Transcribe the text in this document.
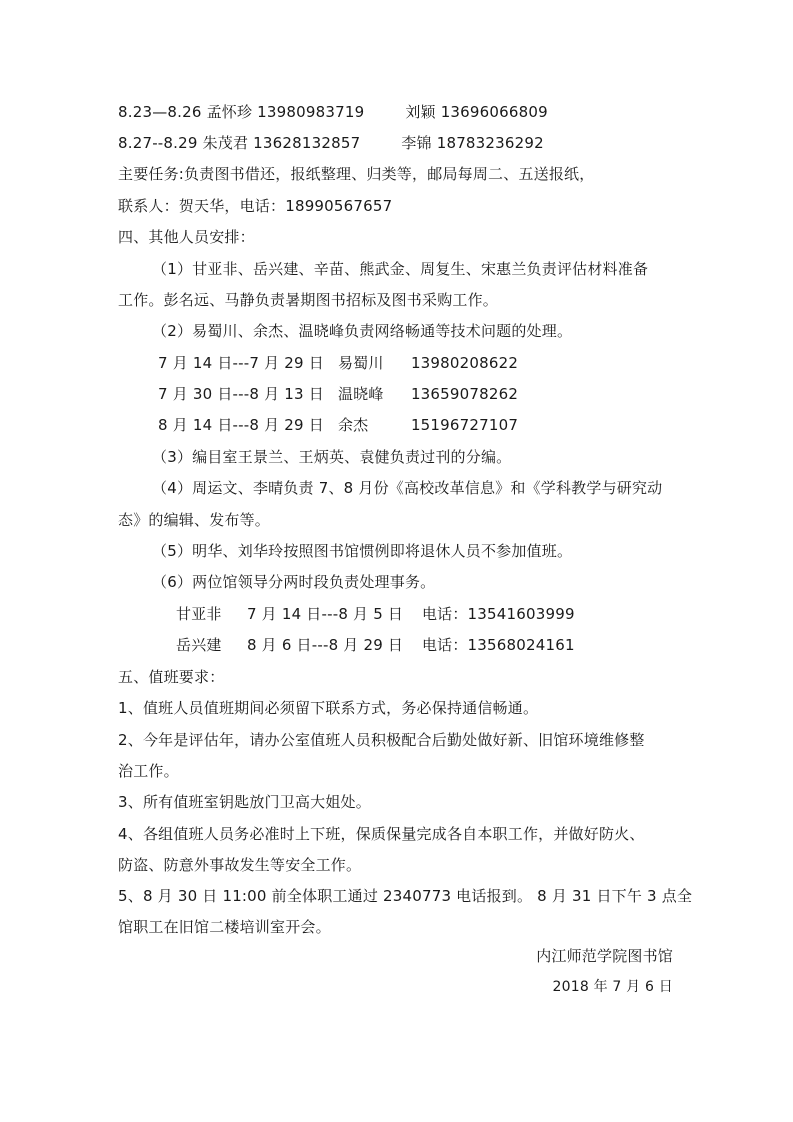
8.23—8.26 孟怀珍 13980983719	刘颖 13696066809
8.27--8.29 朱茂君 13628132857	李锦 18783236292
主要任务:负责图书借还，报纸整理、归类等，邮局每周二、五送报纸，
联系人：贺天华，电话：18990567657
四、其他人员安排：
（1）甘亚非、岳兴建、辛苗、熊武金、周复生、宋惠兰负责评估材料准备
工作。彭名远、马静负责暑期图书招标及图书采购工作。
（2）易蜀川、余杰、温晓峰负责网络畅通等技术问题的处理。
7 月 14 日---7 月 29 日 易蜀川 13980208622
7 月 30 日---8 月 13 日 温晓峰 13659078262
8 月 14 日---8 月 29 日 余杰	15196727107
（3）编目室王景兰、王炳英、袁健负责过刊的分编。
（4）周运文、李晴负责 7、8 月份《高校改革信息》和《学科教学与研究动
态》的编辑、发布等。
（5）明华、刘华玲按照图书馆惯例即将退休人员不参加值班。
（6）两位馆领导分两时段负责处理事务。
甘亚非 7 月 14 日---8 月 5 日 电话：13541603999
岳兴建 8 月 6 日---8 月 29 日 电话：13568024161
五、值班要求：
1、值班人员值班期间必须留下联系方式，务必保持通信畅通。
2、今年是评估年，请办公室值班人员积极配合后勤处做好新、旧馆环境维修整
治工作。
3、所有值班室钥匙放门卫高大姐处。
4、各组值班人员务必准时上下班，保质保量完成各自本职工作，并做好防火、
防盗、防意外事故发生等安全工作。
5、8 月 30 日 11:00 前全体职工通过 2340773 电话报到。 8 月 31 日下午 3 点全
馆职工在旧馆二楼培训室开会。
内江师范学院图书馆
2018 年 7 月 6 日
